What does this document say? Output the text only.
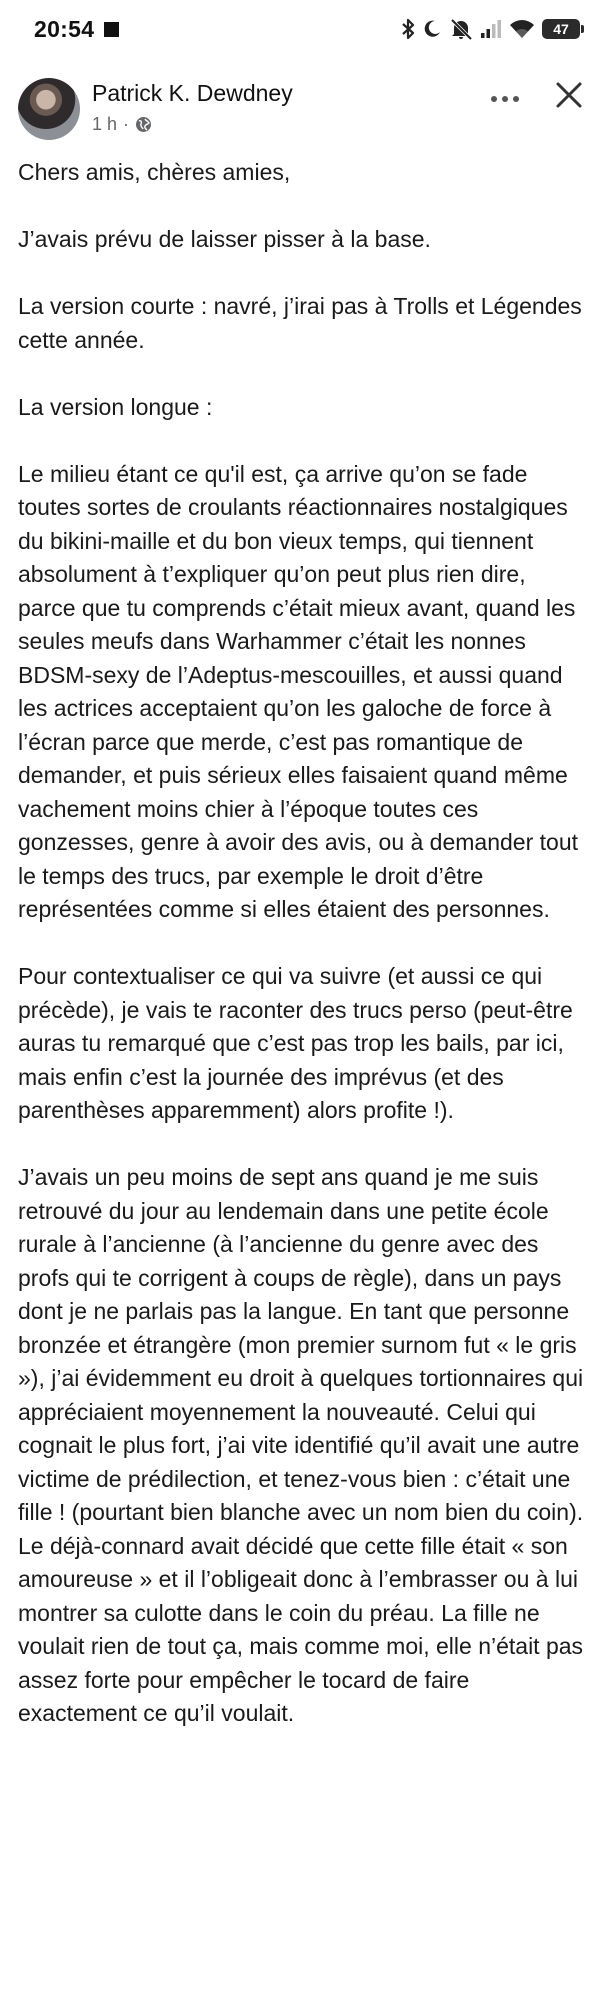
20:54	47
Patrick K. Dewdney
1 h ·

Chers amis, chères amies,

J’avais prévu de laisser pisser à la base.

La version courte : navré, j’irai pas à Trolls et Légendes cette année.

La version longue :

Le milieu étant ce qu'il est, ça arrive qu’on se fade toutes sortes de croulants réactionnaires nostalgiques du bikini-maille et du bon vieux temps, qui tiennent absolument à t’expliquer qu’on peut plus rien dire, parce que tu comprends c’était mieux avant, quand les seules meufs dans Warhammer c’était les nonnes BDSM-sexy de l’Adeptus-mescouilles, et aussi quand les actrices acceptaient qu’on les galoche de force à l’écran parce que merde, c’est pas romantique de demander, et puis sérieux elles faisaient quand même vachement moins chier à l’époque toutes ces gonzesses, genre à avoir des avis, ou à demander tout le temps des trucs, par exemple le droit d’être représentées comme si elles étaient des personnes.

Pour contextualiser ce qui va suivre (et aussi ce qui précède), je vais te raconter des trucs perso (peut-être auras tu remarqué que c’est pas trop les bails, par ici, mais enfin c’est la journée des imprévus (et des parenthèses apparemment) alors profite !).

J’avais un peu moins de sept ans quand je me suis retrouvé du jour au lendemain dans une petite école rurale à l’ancienne (à l’ancienne du genre avec des profs qui te corrigent à coups de règle), dans un pays dont je ne parlais pas la langue. En tant que personne bronzée et étrangère (mon premier surnom fut « le gris »), j’ai évidemment eu droit à quelques tortionnaires qui appréciaient moyennement la nouveauté. Celui qui cognait le plus fort, j’ai vite identifié qu’il avait une autre victime de prédilection, et tenez-vous bien : c’était une fille ! (pourtant bien blanche avec un nom bien du coin). Le déjà-connard avait décidé que cette fille était « son amoureuse » et il l’obligeait donc à l’embrasser ou à lui montrer sa culotte dans le coin du préau. La fille ne voulait rien de tout ça, mais comme moi, elle n’était pas assez forte pour empêcher le tocard de faire exactement ce qu’il voulait.
